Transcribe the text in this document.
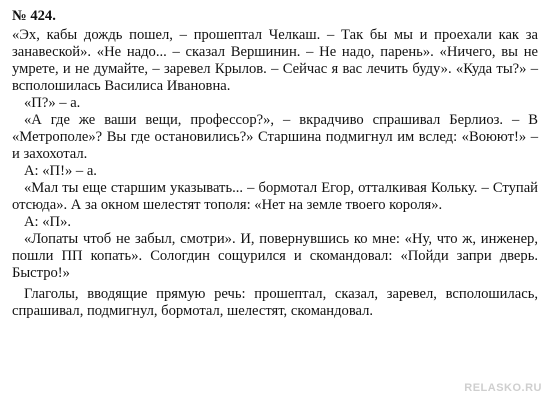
№ 424.

«Эх, кабы дождь пошел, – прошептал Челкаш. – Так бы мы и проехали как за занавеской». «Не надо... – сказал Вершинин. – Не надо, парень». «Ничего, вы не умрете, и не думайте, – заревел Крылов. – Сейчас я вас лечить буду». «Куда ты?» – всполошилась Василиса Ивановна.

«П?» – а.

«А где же ваши вещи, профессор?», – вкрадчиво спрашивал Берлиоз. – В «Метрополе»? Вы где остановились?» Старшина подмигнул им вслед: «Воюют!» – и захохотал.

А: «П!» – а.

«Мал ты еще старшим указывать... – бормотал Егор, отталкивая Кольку. – Ступай отсюда». А за окном шелестят тополя: «Нет на земле твоего короля».

А: «П».

«Лопаты чтоб не забыл, смотри». И, повернувшись ко мне: «Ну, что ж, инженер, пошли ПП копать». Сологдин сощурился и скомандовал: «Пойди запри дверь. Быстро!»

Глаголы, вводящие прямую речь: прошептал, сказал, заревел, всполошилась, спрашивал, подмигнул, бормотал, шелестят, скомандовал.

RELASKO.RU
